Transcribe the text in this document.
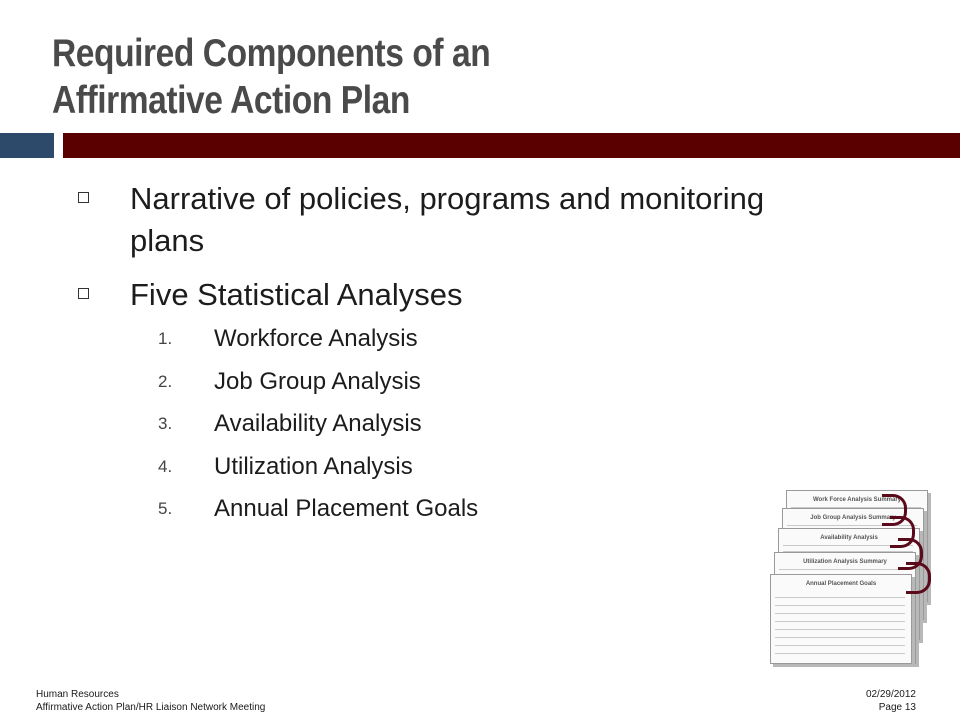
Required Components of an
Affirmative Action Plan
Narrative of policies, programs and monitoring plans
Five Statistical Analyses
1. Workforce Analysis
2. Job Group Analysis
3. Availability Analysis
4. Utilization Analysis
5. Annual Placement Goals	Work Force Analysis Summary
Job Group Analysis Summary
Availability Analysis
Utilization Analysis Summary
Annual Placement Goals
Human Resources
Affirmative Action Plan/HR Liaison Network Meeting
02/29/2012
Page 13
